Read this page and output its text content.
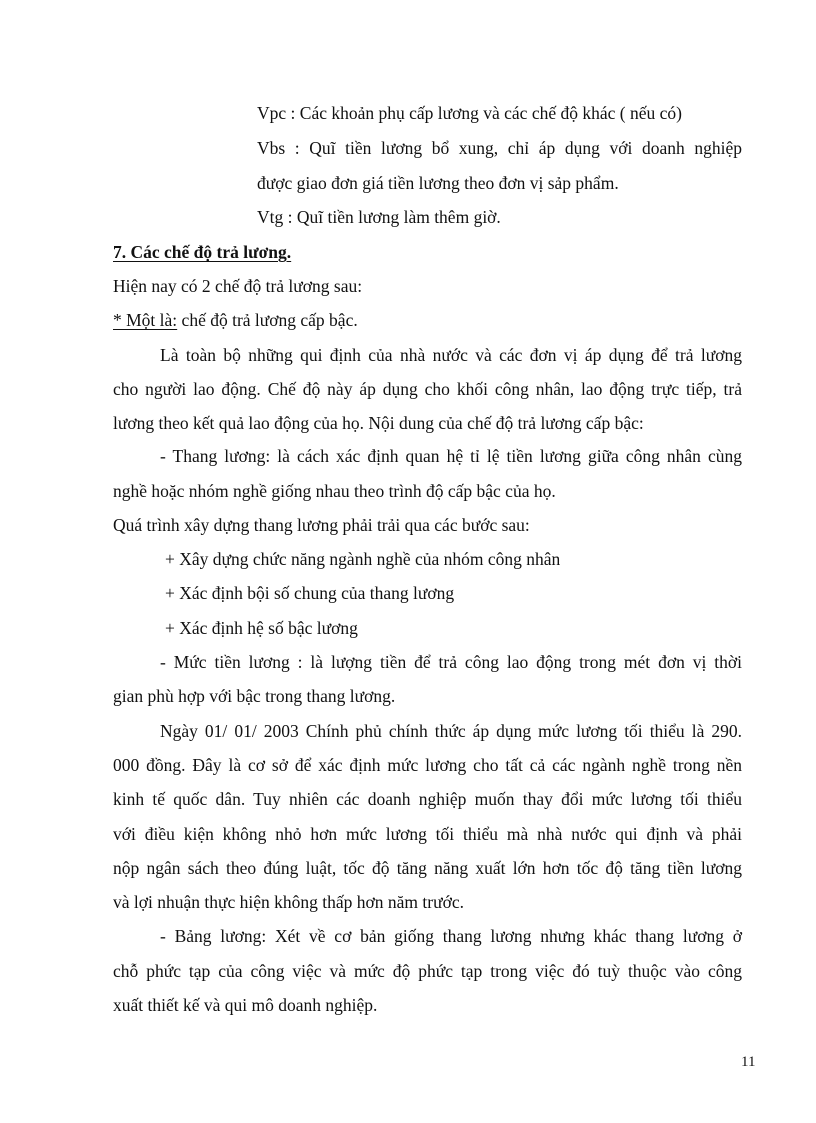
Vpc : Các khoản phụ cấp lương và các chế độ khác ( nếu có)
Vbs : Quĩ tiền lương bổ xung, chỉ áp dụng với doanh nghiệp
được giao đơn giá tiền lương theo đơn vị sảp phẩm.
Vtg : Quĩ tiền lương làm thêm giờ.
7. Các chế độ trả lương.
Hiện nay có 2 chế độ trả lương sau:
* Một là: chế độ trả lương cấp bậc.
Là toàn bộ những qui định của nhà nước và các đơn vị áp dụng để trả lương
cho người lao động. Chế độ này áp dụng cho khối công nhân, lao động trực tiếp, trả
lương theo kết quả lao động của họ. Nội dung của chế độ trả lương cấp bậc:
- Thang lương: là cách xác định quan hệ tỉ lệ tiền lương giữa công nhân cùng
nghề hoặc nhóm nghề giống nhau theo trình độ cấp bậc của họ.
Quá trình xây dựng thang lương phải trải qua các bước sau:
+ Xây dựng chức năng ngành nghề của nhóm công nhân
+ Xác định bội số chung của thang lương
+ Xác định hệ số bậc lương
- Mức tiền lương : là lượng tiền để trả công lao động trong mét đơn vị thời
gian phù hợp với bậc trong thang lương.
Ngày 01/ 01/ 2003 Chính phủ chính thức áp dụng mức lương tối thiểu là 290.
000 đồng. Đây là cơ sở để xác định mức lương cho tất cả các ngành nghề trong nền
kinh tế quốc dân. Tuy nhiên các doanh nghiệp muốn thay đổi mức lương tối thiểu
với điều kiện không nhỏ hơn mức lương tối thiểu mà nhà nước qui định và phải
nộp ngân sách theo đúng luật, tốc độ tăng năng xuất lớn hơn tốc độ tăng tiền lương
và lợi nhuận thực hiện không thấp hơn năm trước.
- Bảng lương: Xét về cơ bản giống thang lương nhưng khác thang lương ở
chỗ phức tạp của công việc và mức độ phức tạp trong việc đó tuỳ thuộc vào công
xuất thiết kế và qui mô doanh nghiệp.
11
